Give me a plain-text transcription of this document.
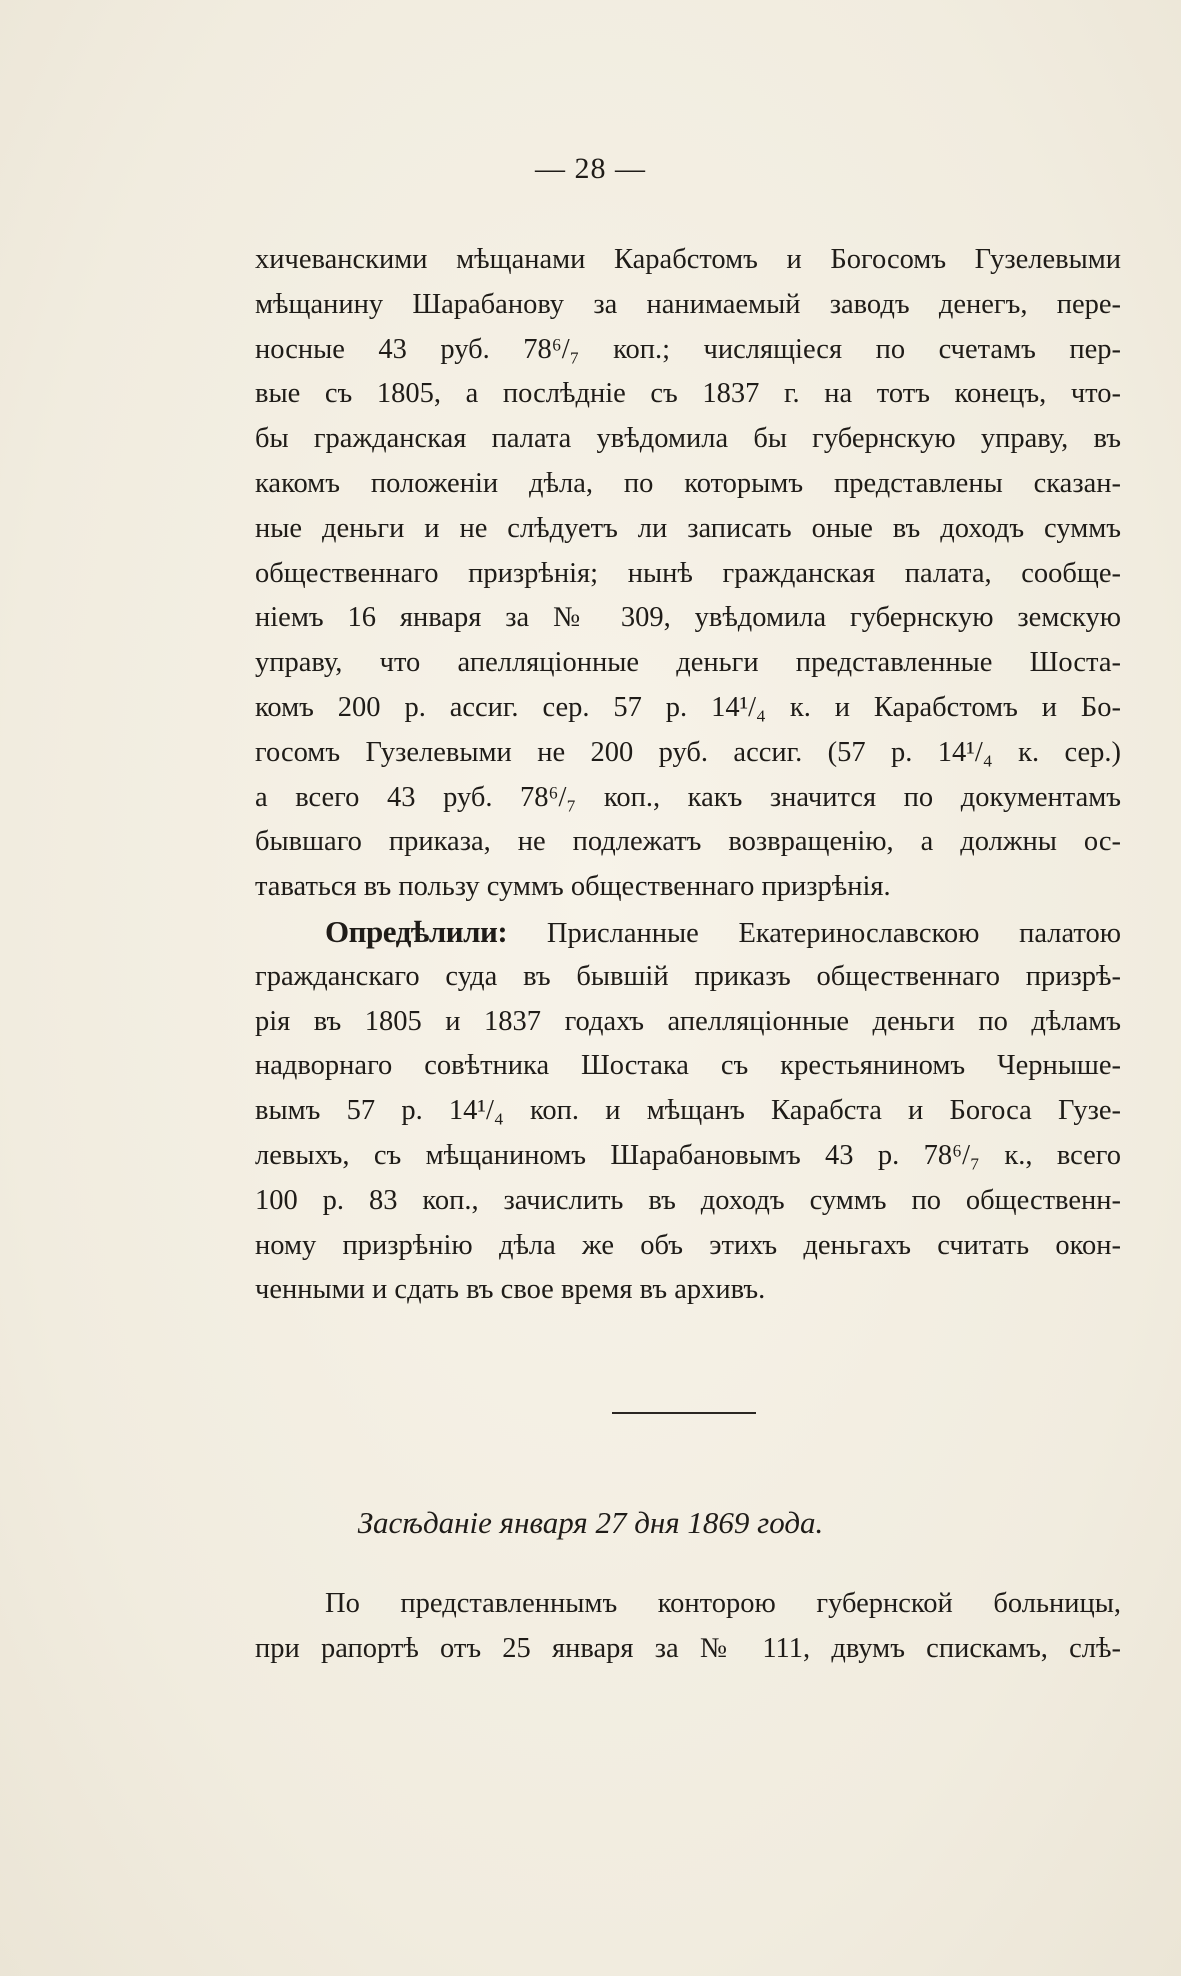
— 28 —
хичеванскими мѣщанами Карабстомъ и Богосомъ Гузелевыми
мѣщанину Шарабанову за нанимаемый заводъ денегъ, пере-
носные 43 руб. 78⁶/₇ коп.; числящіеся по счетамъ пер-
вые съ 1805, а послѣдніе съ 1837 г. на тотъ конецъ, что-
бы гражданская палата увѣдомила бы губернскую управу, въ
какомъ положеніи дѣла, по которымъ представлены сказан-
ные деньги и не слѣдуетъ ли записать оные въ доходъ суммъ
общественнаго призрѣнія; нынѣ гражданская палата, сообще-
ніемъ 16 января за № 309, увѣдомила губернскую земскую
управу, что апелляціонные деньги представленные Шоста-
комъ 200 р. ассиг. сер. 57 р. 14¹/₄ к. и Карабстомъ и Бо-
госомъ Гузелевыми не 200 руб. ассиг. (57 р. 14¹/₄ к. сер.)
а всего 43 руб. 78⁶/₇ коп., какъ значится по документамъ
бывшаго приказа, не подлежатъ возвращенію, а должны ос-
таваться въ пользу суммъ общественнаго призрѣнія.
Опредѣлили: Присланные Екатеринославскою палатою
гражданскаго суда въ бывшій приказъ общественнаго призрѣ-
рія въ 1805 и 1837 годахъ апелляціонные деньги по дѣламъ
надворнаго совѣтника Шостака съ крестьяниномъ Черныше-
вымъ 57 р. 14¹/₄ коп. и мѣщанъ Карабста и Богоса Гузе-
левыхъ, съ мѣщаниномъ Шарабановымъ 43 р. 78⁶/₇ к., всего
100 р. 83 коп., зачислить въ доходъ суммъ по общественн-
ному призрѣнію дѣла же объ этихъ деньгахъ считать окон-
ченными и сдать въ свое время въ архивъ.
Засѣданіе января 27 дня 1869 года.
По представленнымъ конторою губернской больницы,
при рапортѣ отъ 25 января за № 111, двумъ спискамъ, слѣ-
